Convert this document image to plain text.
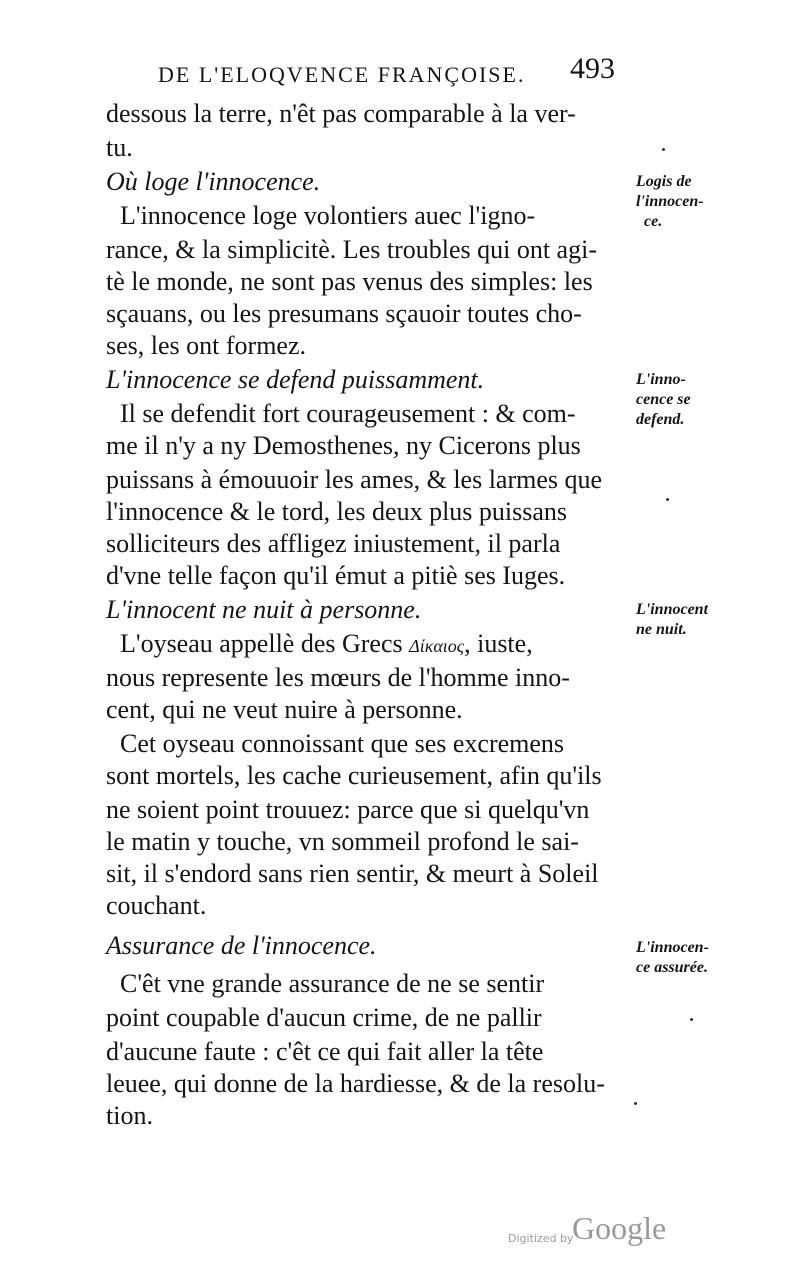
DE L'ELOQVENCE FRANÇOISE. 493
dessous la terre, n'êt pas comparable à la ver-
tu.
Où loge l'innocence.
L'innocence loge volontiers auec l'igno-
rance, & la simplicitè. Les troubles qui ont agi-
tè le monde, ne sont pas venus des simples: les
sçauans, ou les presumans sçauoir toutes cho-
ses, les ont formez.
L'innocence se defend puissamment.
Il se defendit fort courageusement : & com-
me il n'y a ny Demosthenes, ny Cicerons plus
puissans à émouuoir les ames, & les larmes que
l'innocence & le tord, les deux plus puissans
solliciteurs des affligez iniustement, il parla
d'vne telle façon qu'il émut a pitiè ses Iuges.
L'innocent ne nuit à personne.
L'oyseau appellè des Grecs Δίκαιος, iuste,
nous represente les mœurs de l'homme inno-
cent, qui ne veut nuire à personne.
Cet oyseau connoissant que ses excremens
sont mortels, les cache curieusement, afin qu'ils
ne soient point trouuez: parce que si quelqu'vn
le matin y touche, vn sommeil profond le sai-
sit, il s'endord sans rien sentir, & meurt à Soleil
couchant.
Assurance de l'innocence.
C'êt vne grande assurance de ne se sentir
point coupable d'aucun crime, de ne pallir
d'aucune faute : c'êt ce qui fait aller la tête
leuee, qui donne de la hardiesse, & de la resolu-
tion.
Logis de
l'innocen-
ce.
L'inno-
cence se
defend.
L'innocent
ne nuit.
L'innocen-
ce assurée.
Digitized by
Google
